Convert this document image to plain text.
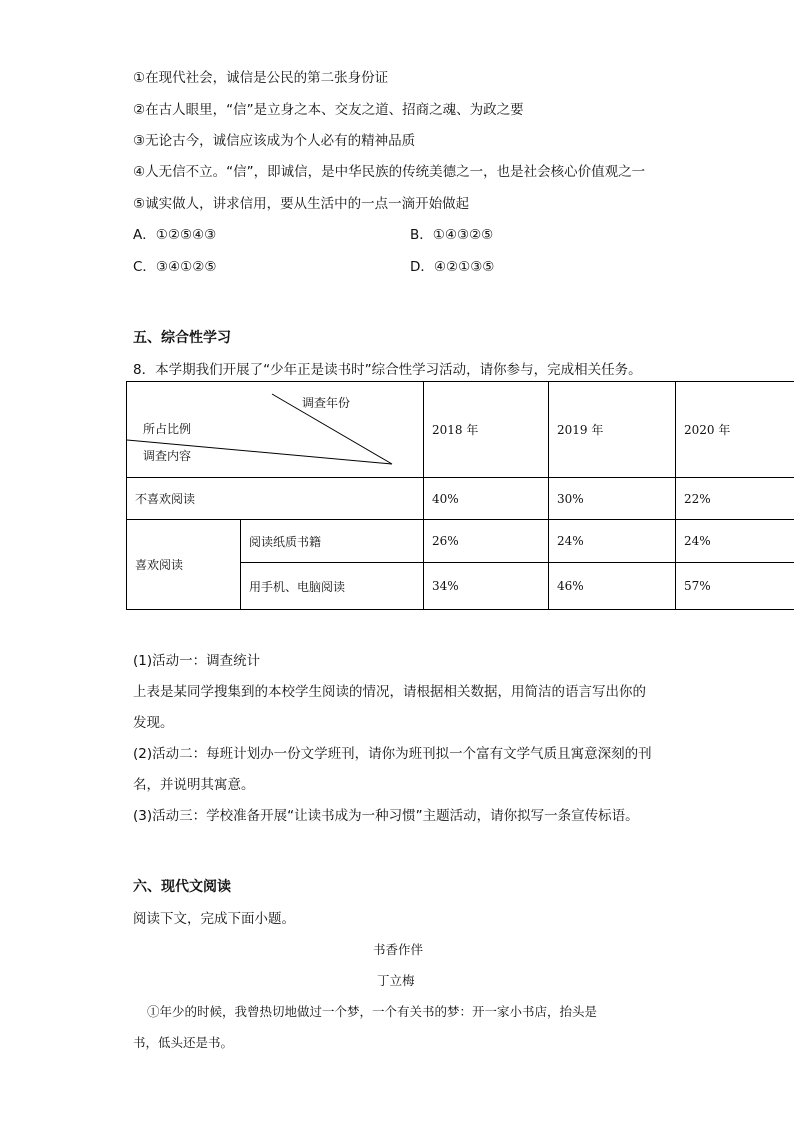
①在现代社会，诚信是公民的第二张身份证
②在古人眼里，“信”是立身之本、交友之道、招商之魂、为政之要
③无论古今，诚信应该成为个人必有的精神品质
④人无信不立。“信”，即诚信，是中华民族的传统美德之一，也是社会核心价值观之一
⑤诚实做人，讲求信用，要从生活中的一点一滴开始做起
A．①②⑤④③	B．①④③②⑤
C．③④①②⑤	D．④②①③⑤
五、综合性学习
8．本学期我们开展了“少年正是读书时”综合性学习活动，请你参与，完成相关任务。
调查年份
所占比例
调查内容		2018 年	2019 年	2020 年
不喜欢阅读		40%	30%	22%
喜欢阅读	阅读纸质书籍	26%	24%	24%
	用手机、电脑阅读	34%	46%	57%
(1)活动一：调查统计
上表是某同学搜集到的本校学生阅读的情况，请根据相关数据，用简洁的语言写出你的
发现。
(2)活动二：每班计划办一份文学班刊，请你为班刊拟一个富有文学气质且寓意深刻的刊
名，并说明其寓意。
(3)活动三：学校准备开展“让读书成为一种习惯”主题活动，请你拟写一条宣传标语。
六、现代文阅读
阅读下文，完成下面小题。
书香作伴
丁立梅
①年少的时候，我曾热切地做过一个梦，一个有关书的梦：开一家小书店，抬头是
书，低头还是书。
